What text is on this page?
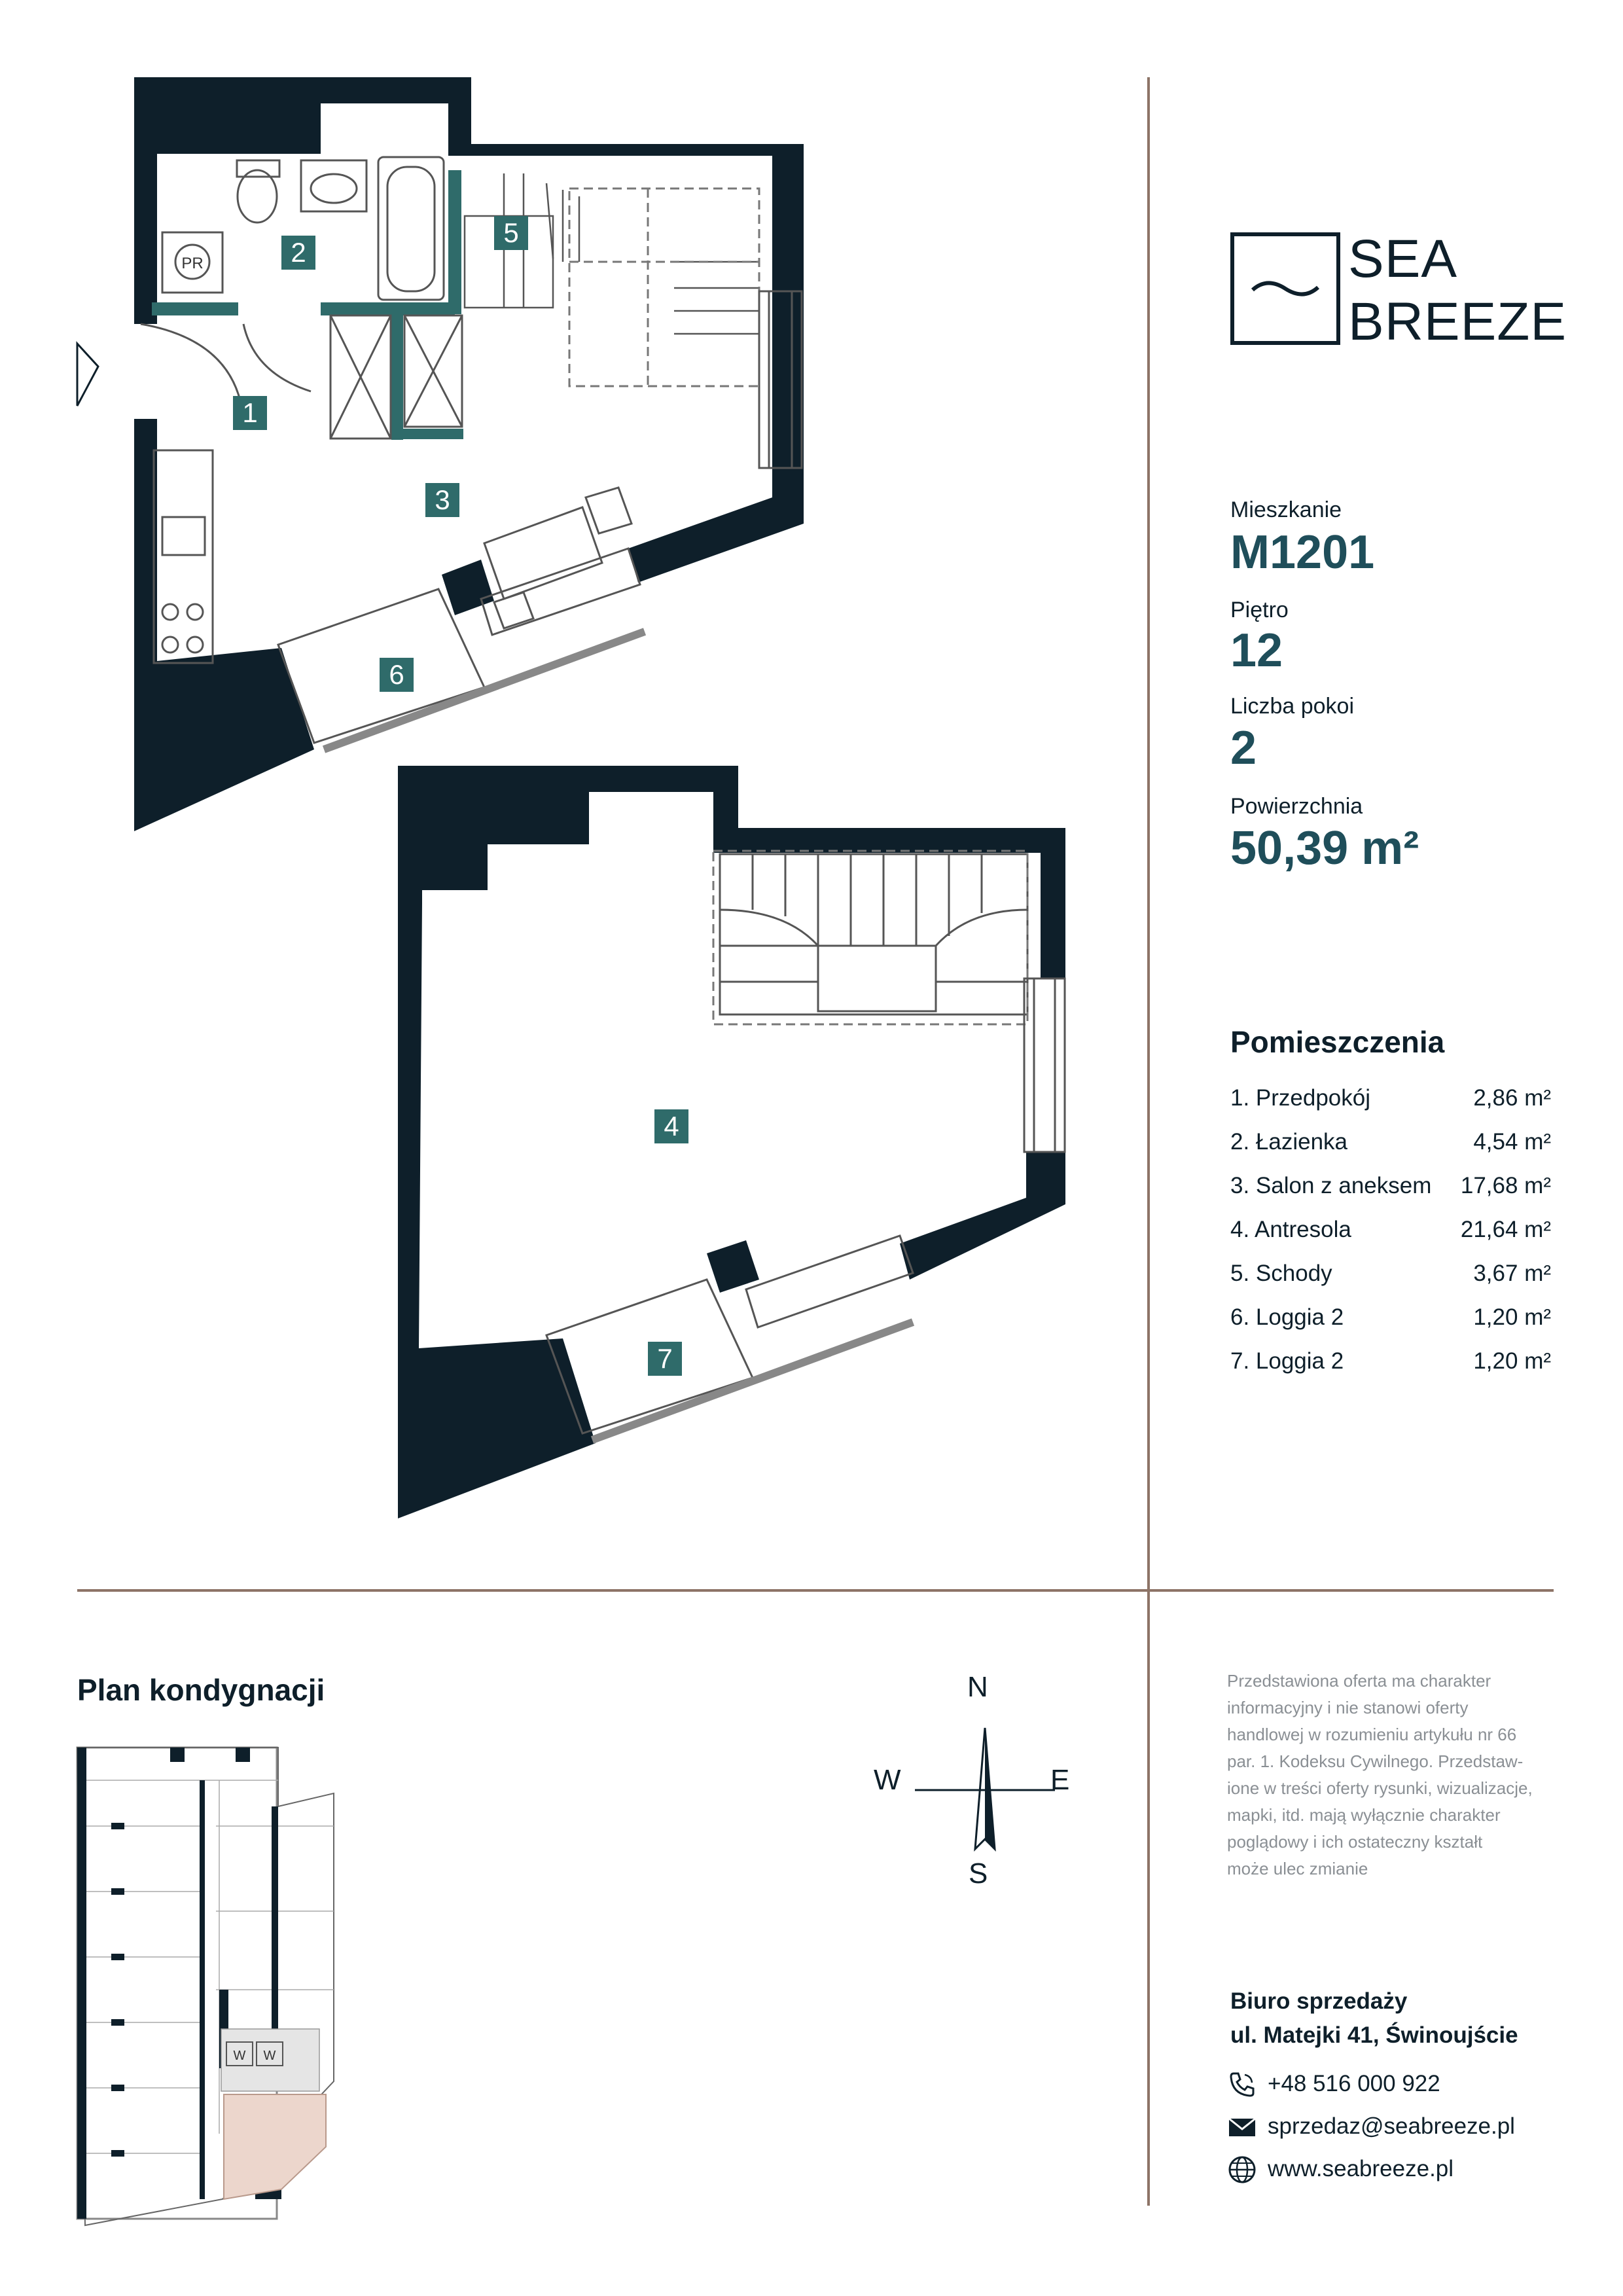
PR
1
2
3
4
5
6
7
SEA
BREEZE
Mieszkanie
M1201
Piętro
12
Liczba pokoi
2
Powierzchnia
50,39 m²
Pomieszczenia
1. Przedpokój	2,86 m²
2. Łazienka	4,54 m²
3. Salon z aneksem 17,68 m²
4. Antresola	21,64 m²
5. Schody	3,67 m²
6. Loggia 2	1,20 m²
7. Loggia 2	1,20 m²
Plan kondygnacji
W W
N
S
W	E
Przedstawiona oferta ma charakter
informacyjny i nie stanowi oferty
handlowej w rozumieniu artykułu nr 66
par. 1. Kodeksu Cywilnego. Przedstaw-
ione w treści oferty rysunki, wizualizacje,
mapki, itd. mają wyłącznie charakter
poglądowy i ich ostateczny kształt
może ulec zmianie
Biuro sprzedaży
ul. Matejki 41, Świnoujście
+48 516 000 922
sprzedaz@seabreeze.pl
www.seabreeze.pl
